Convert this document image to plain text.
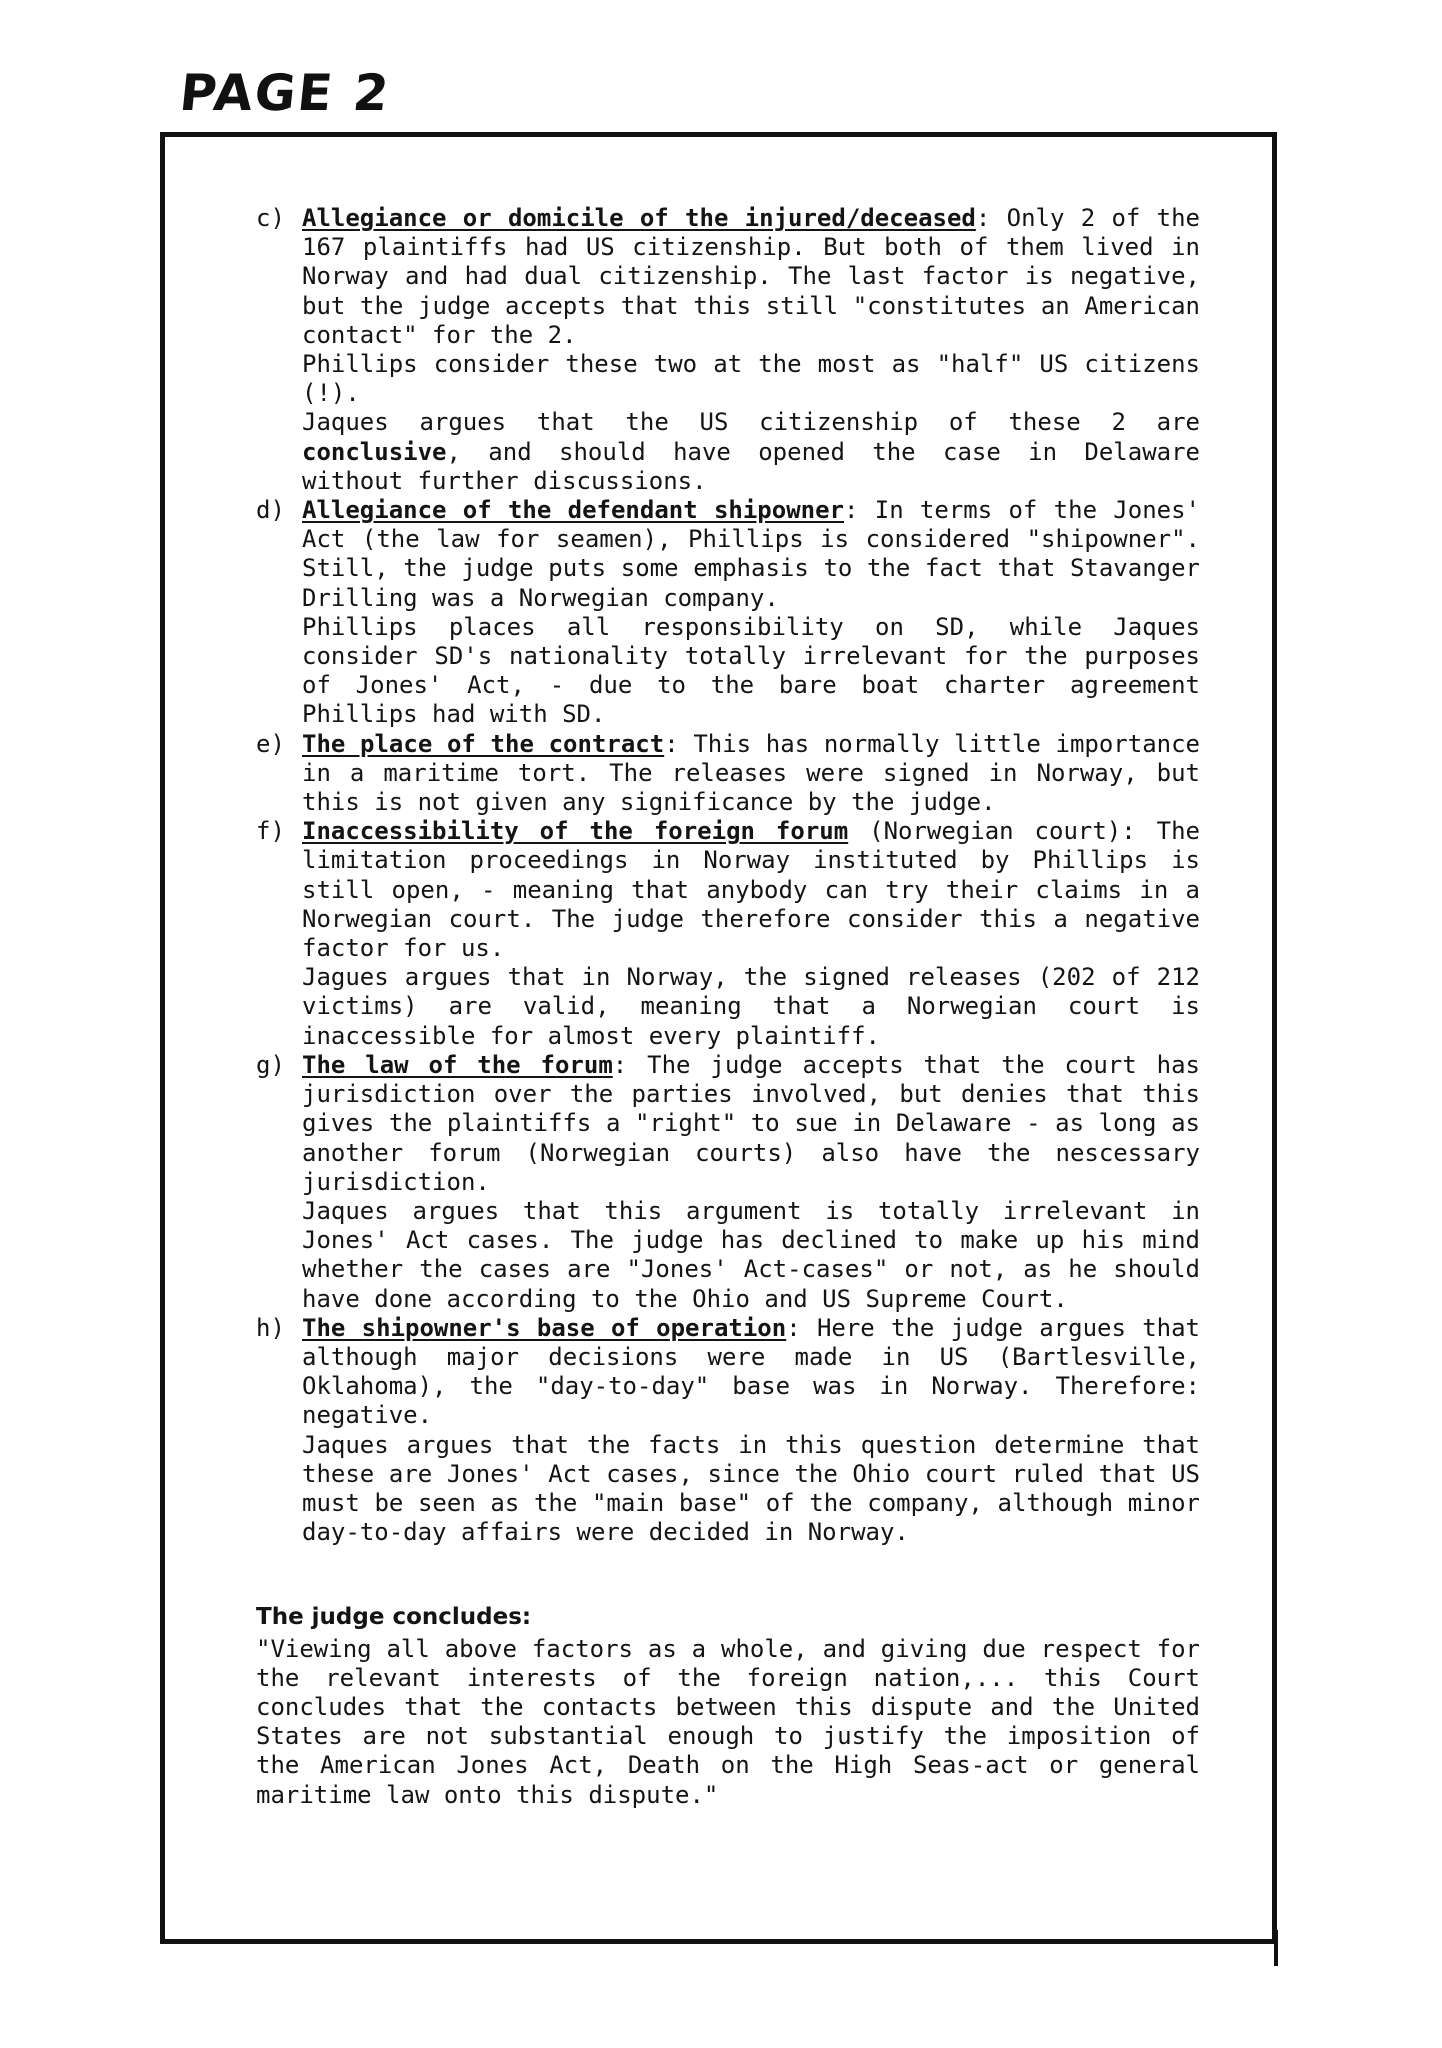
PAGE 2
c) Allegiance or domicile of the injured/deceased: Only 2 of the 167 plaintiffs had US citizenship. But both of them lived in Norway and had dual citizenship. The last factor is negative, but the judge accepts that this still "constitutes an American contact" for the 2.

Phillips consider these two at the most as "half" US citizens (!).

Jaques argues that the US citizenship of these 2 are conclusive, and should have opened the case in Delaware without further discussions.

d) Allegiance of the defendant shipowner: In terms of the Jones' Act (the law for seamen), Phillips is considered "shipowner". Still, the judge puts some emphasis to the fact that Stavanger Drilling was a Norwegian company.

Phillips places all responsibility on SD, while Jaques consider SD's nationality totally irrelevant for the purposes of Jones' Act, - due to the bare boat charter agreement Phillips had with SD.

e) The place of the contract: This has normally little importance in a maritime tort. The releases were signed in Norway, but this is not given any significance by the judge.

f) Inaccessibility of the foreign forum (Norwegian court): The limitation proceedings in Norway instituted by Phillips is still open, - meaning that anybody can try their claims in a Norwegian court. The judge therefore consider this a negative factor for us.

Jagues argues that in Norway, the signed releases (202 of 212 victims) are valid, meaning that a Norwegian court is inaccessible for almost every plaintiff.

g) The law of the forum: The judge accepts that the court has jurisdiction over the parties involved, but denies that this gives the plaintiffs a "right" to sue in Delaware - as long as another forum (Norwegian courts) also have the nescessary jurisdiction.

Jaques argues that this argument is totally irrelevant in Jones' Act cases. The judge has declined to make up his mind whether the cases are "Jones' Act-cases" or not, as he should have done according to the Ohio and US Supreme Court.

h) The shipowner's base of operation: Here the judge argues that although major decisions were made in US (Bartlesville, Oklahoma), the "day-to-day" base was in Norway. Therefore: negative.

Jaques argues that the facts in this question determine that these are Jones' Act cases, since the Ohio court ruled that US must be seen as the "main base" of the company, although minor day-to-day affairs were decided in Norway.

The judge concludes:

"Viewing all above factors as a whole, and giving due respect for the relevant interests of the foreign nation,... this Court concludes that the contacts between this dispute and the United States are not substantial enough to justify the imposition of the American Jones Act, Death on the High Seas-act or general maritime law onto this dispute."
